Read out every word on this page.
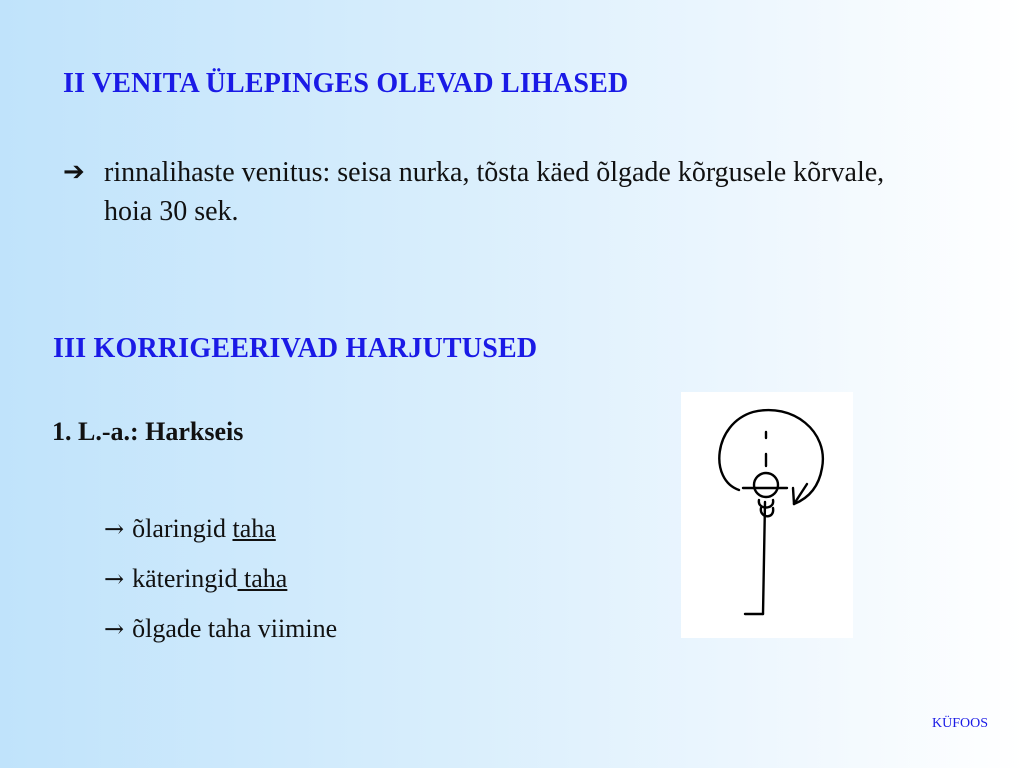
II VENITA ÜLEPINGES OLEVAD LIHASED
➔ rinnalihaste venitus: seisa nurka, tõsta käed õlgade kõrgusele kõrvale, hoia 30 sek.
III KORRIGEERIVAD HARJUTUSED
1. L.-a.: Harkseis
→ õlaringid taha
→ käteringid taha
→ õlgade taha viimine
KÜFOOS
